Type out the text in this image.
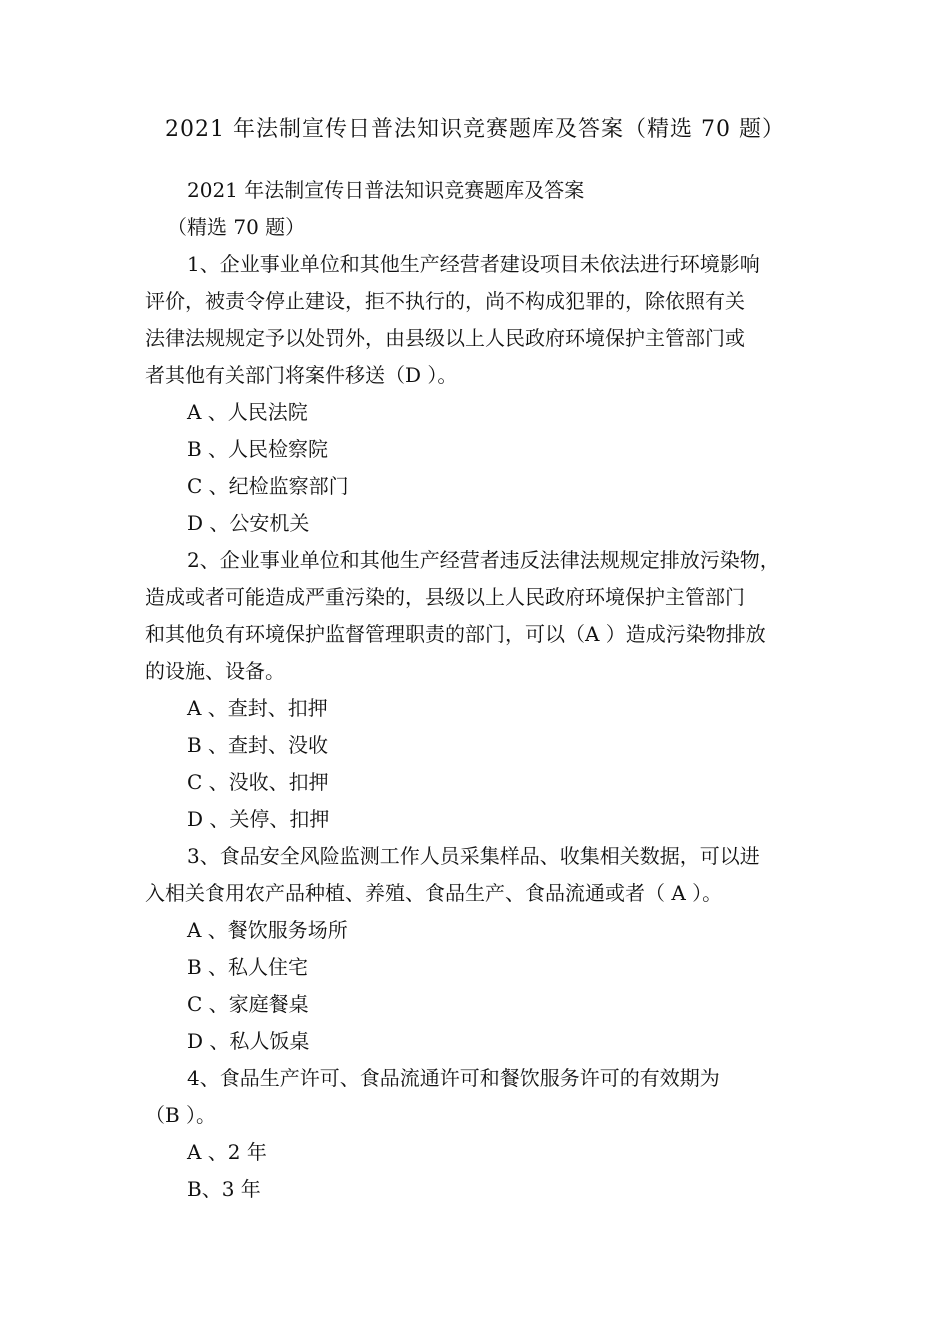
2021 年法制宣传日普法知识竞赛题库及答案（精选 70 题）
2021 年法制宣传日普法知识竞赛题库及答案
（精选 70 题）
1、企业事业单位和其他生产经营者建设项目未依法进行环境影响
评价，被责令停止建设，拒不执行的，尚不构成犯罪的，除依照有关
法律法规规定予以处罚外，由县级以上人民政府环境保护主管部门或
者其他有关部门将案件移送（D ）。
A 、人民法院
B 、人民检察院
C 、纪检监察部门
D 、公安机关
2、企业事业单位和其他生产经营者违反法律法规规定排放污染物，
造成或者可能造成严重污染的，县级以上人民政府环境保护主管部门
和其他负有环境保护监督管理职责的部门，可以（A ）造成污染物排放
的设施、设备。
A 、查封、扣押
B 、查封、没收
C 、没收、扣押
D 、关停、扣押
3、食品安全风险监测工作人员采集样品、收集相关数据，可以进
入相关食用农产品种植、养殖、食品生产、食品流通或者（ A ）。
A 、餐饮服务场所
B 、私人住宅
C 、家庭餐桌
D 、私人饭桌
4、食品生产许可、食品流通许可和餐饮服务许可的有效期为
（B ）。
A 、2 年
B、3 年
